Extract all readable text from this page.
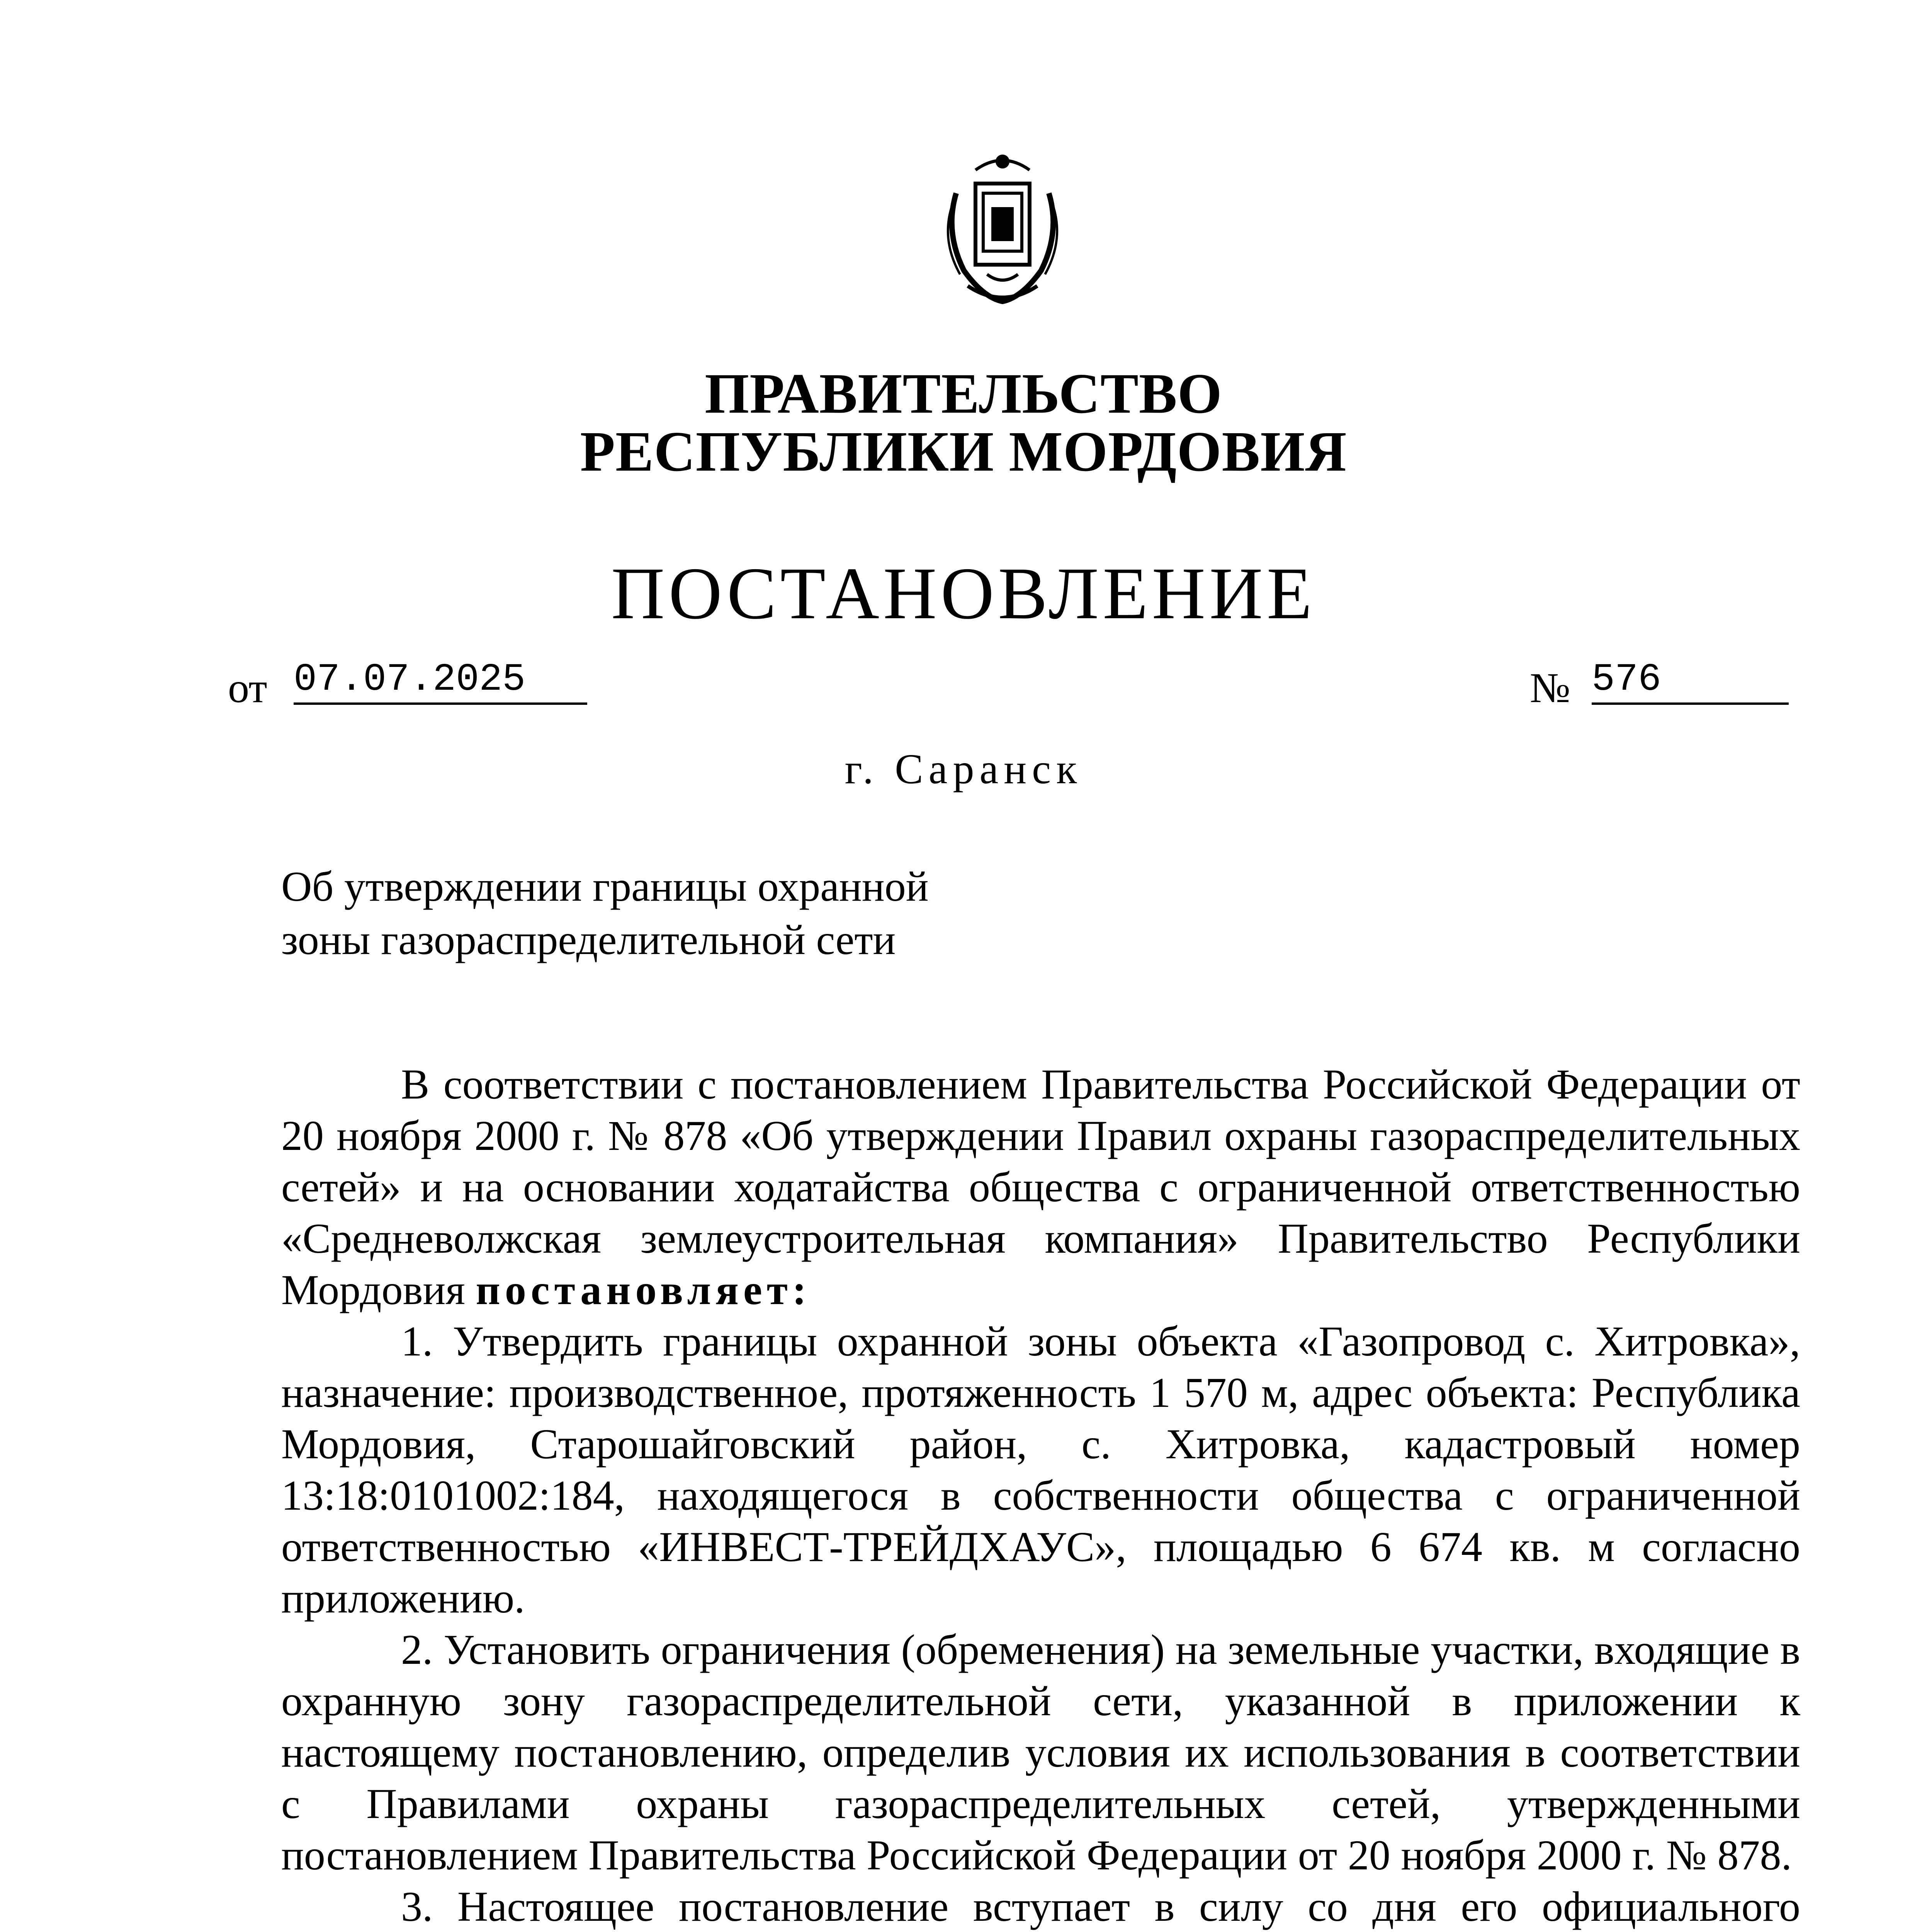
ПРАВИТЕЛЬСТВО
РЕСПУБЛИКИ МОРДОВИЯ
ПОСТАНОВЛЕНИЕ
от 07.07.2025	№ 576
г. Саранск
Об утверждении границы охранной
зоны газораспределительной сети

В соответствии с постановлением Правительства Российской Федерации от 20 ноября 2000 г. № 878 «Об утверждении Правил охраны газораспределительных сетей» и на основании ходатайства общества с ограниченной ответственностью «Средневолжская землеустроительная компания» Правительство Республики Мордовия постановляет:

1. Утвердить границы охранной зоны объекта «Газопровод с. Хитровка», назначение: производственное, протяженность 1 570 м, адрес объекта: Республика Мордовия, Старошайговский район, с. Хитровка, кадастровый номер 13:18:0101002:184, находящегося в собственности общества с ограниченной ответственностью «ИНВЕСТ-ТРЕЙДХАУС», площадью 6 674 кв. м согласно приложению.

2. Установить ограничения (обременения) на земельные участки, входящие в охранную зону газораспределительной сети, указанной в приложении к настоящему постановлению, определив условия их использования в соответствии с Правилами охраны газораспределительных сетей, утвержденными постановлением Правительства Российской Федерации от 20 ноября 2000 г. № 878.

3. Настоящее постановление вступает в силу со дня его официального
